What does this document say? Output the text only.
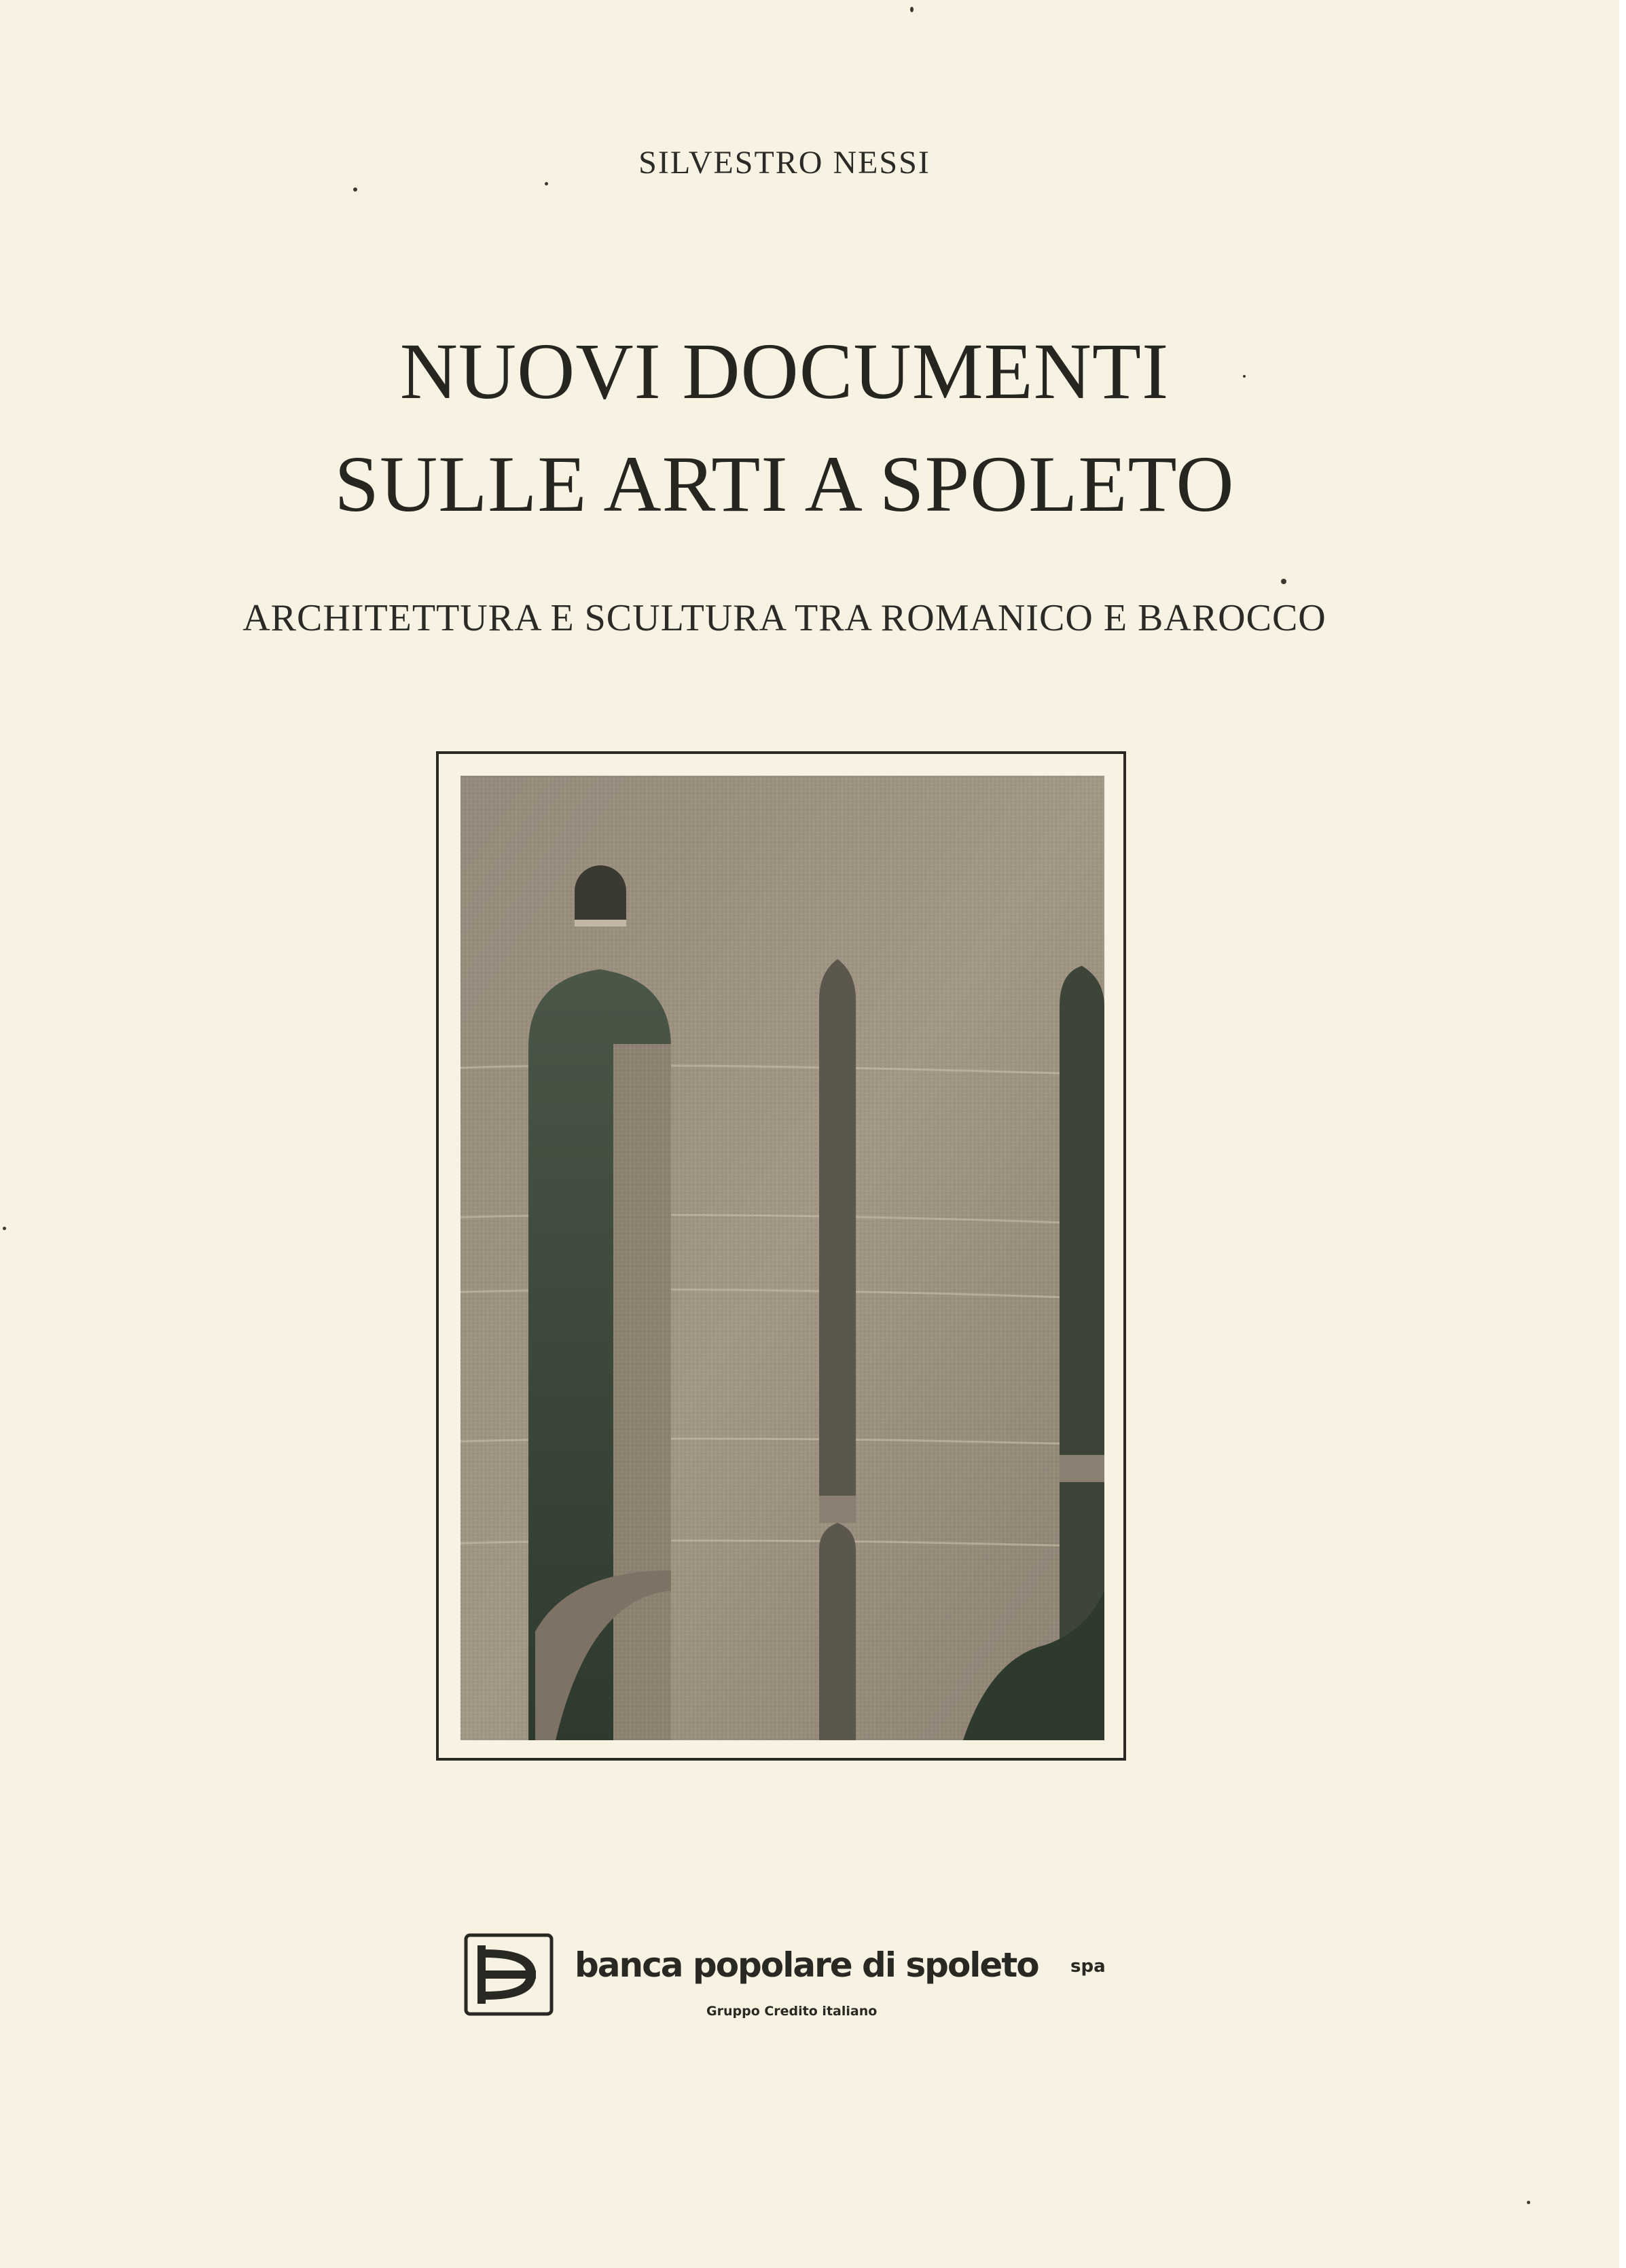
SILVESTRO NESSI
NUOVI DOCUMENTI
SULLE ARTI A SPOLETO
ARCHITETTURA E SCULTURA TRA ROMANICO E BAROCCO
banca popolare di spoleto spa
Gruppo Credito italiano
